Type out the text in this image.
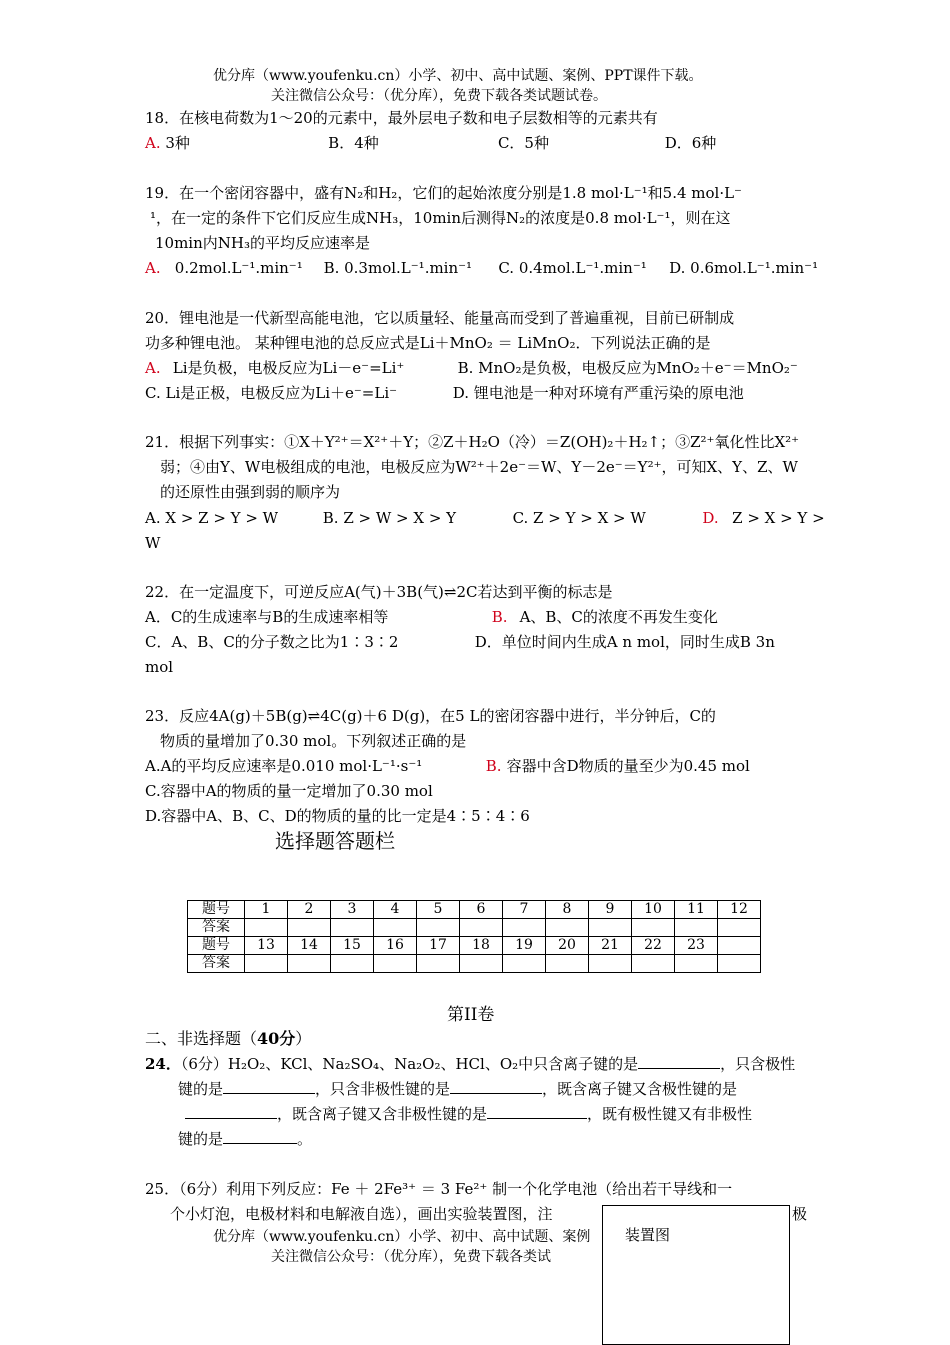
优分库（www.youfenku.cn）小学、初中、高中试题、案例、PPT课件下载。
关注微信公众号：（优分库），免费下载各类试题试卷。
18．在核电荷数为1～20的元素中，最外层电子数和电子层数相等的元素共有
A. 3种	B．4种	C．5种	D．6种
19．在一个密闭容器中，盛有N₂和H₂，它们的起始浓度分别是1.8 mol·L⁻¹和5.4 mol·L⁻
¹，在一定的条件下它们反应生成NH₃，10min后测得N₂的浓度是0.8 mol·L⁻¹，则在这
10min内NH₃的平均反应速率是
A. 0.2mol.L⁻¹.min⁻¹ B. 0.3mol.L⁻¹.min⁻¹ C. 0.4mol.L⁻¹.min⁻¹ D. 0.6mol.L⁻¹.min⁻¹
20．锂电池是一代新型高能电池，它以质量轻、能量高而受到了普遍重视，目前已研制成
功多种锂电池。 某种锂电池的总反应式是Li＋MnO₂ ＝ LiMnO₂．下列说法正确的是
A. Li是负极，电极反应为Li－e⁻=Li⁺	B. MnO₂是负极，电极反应为MnO₂＋e⁻＝MnO₂⁻
C. Li是正极，电极反应为Li＋e⁻=Li⁻	D. 锂电池是一种对环境有严重污染的原电池
21．根据下列事实：①X＋Y²⁺＝X²⁺＋Y；②Z＋H₂O（冷）＝Z(OH)₂＋H₂↑；③Z²⁺氧化性比X²⁺
弱；④由Y、W电极组成的电池，电极反应为W²⁺＋2e⁻＝W、Y－2e⁻＝Y²⁺，可知X、Y、Z、W
的还原性由强到弱的顺序为
A. X > Z > Y > W	B. Z > W > X > Y	C. Z > Y > X > W	D. Z > X > Y >
W
22．在一定温度下，可逆反应A(气)＋3B(气)⇌2C若达到平衡的标志是
A．C的生成速率与B的生成速率相等	B. A、B、C的浓度不再发生变化
C．A、B、C的分子数之比为1∶3∶2	D．单位时间内生成A n mol，同时生成B 3n
mol
23．反应4A(g)＋5B(g)⇌4C(g)＋6 D(g)，在5 L的密闭容器中进行，半分钟后，C的
物质的量增加了0.30 mol。下列叙述正确的是
A.A的平均反应速率是0.010 mol·L⁻¹·s⁻¹	B. 容器中含D物质的量至少为0.45 mol
C.容器中A的物质的量一定增加了0.30 mol
D.容器中A、B、C、D的物质的量的比一定是4∶5∶4∶6
选择题答题栏
题号	1	2	3	4	5	6	7	8	9	10	11	12
答案												
题号	13	14	15	16	17	18	19	20	21	22	23	
答案												
第II卷
二、非选择题（40分）
24．（6分）H₂O₂、KCl、Na₂SO₄、Na₂O₂、HCl、O₂中只含离子键的是	，只含极性
键的是	，只含非极性键的是	，既含离子键又含极性键的是
，既含离子键又含非极性键的是	，既有极性键又有非极性
键的是	。
25．（6分）利用下列反应：Fe ＋ 2Fe³⁺ ＝ 3 Fe²⁺ 制一个化学电池（给出若干导线和一
个小灯泡，电极材料和电解液自选），画出实验装置图，注	极
优分库（www.youfenku.cn）小学、初中、高中试题、案例
关注微信公众号：（优分库），免费下载各类试
装置图
